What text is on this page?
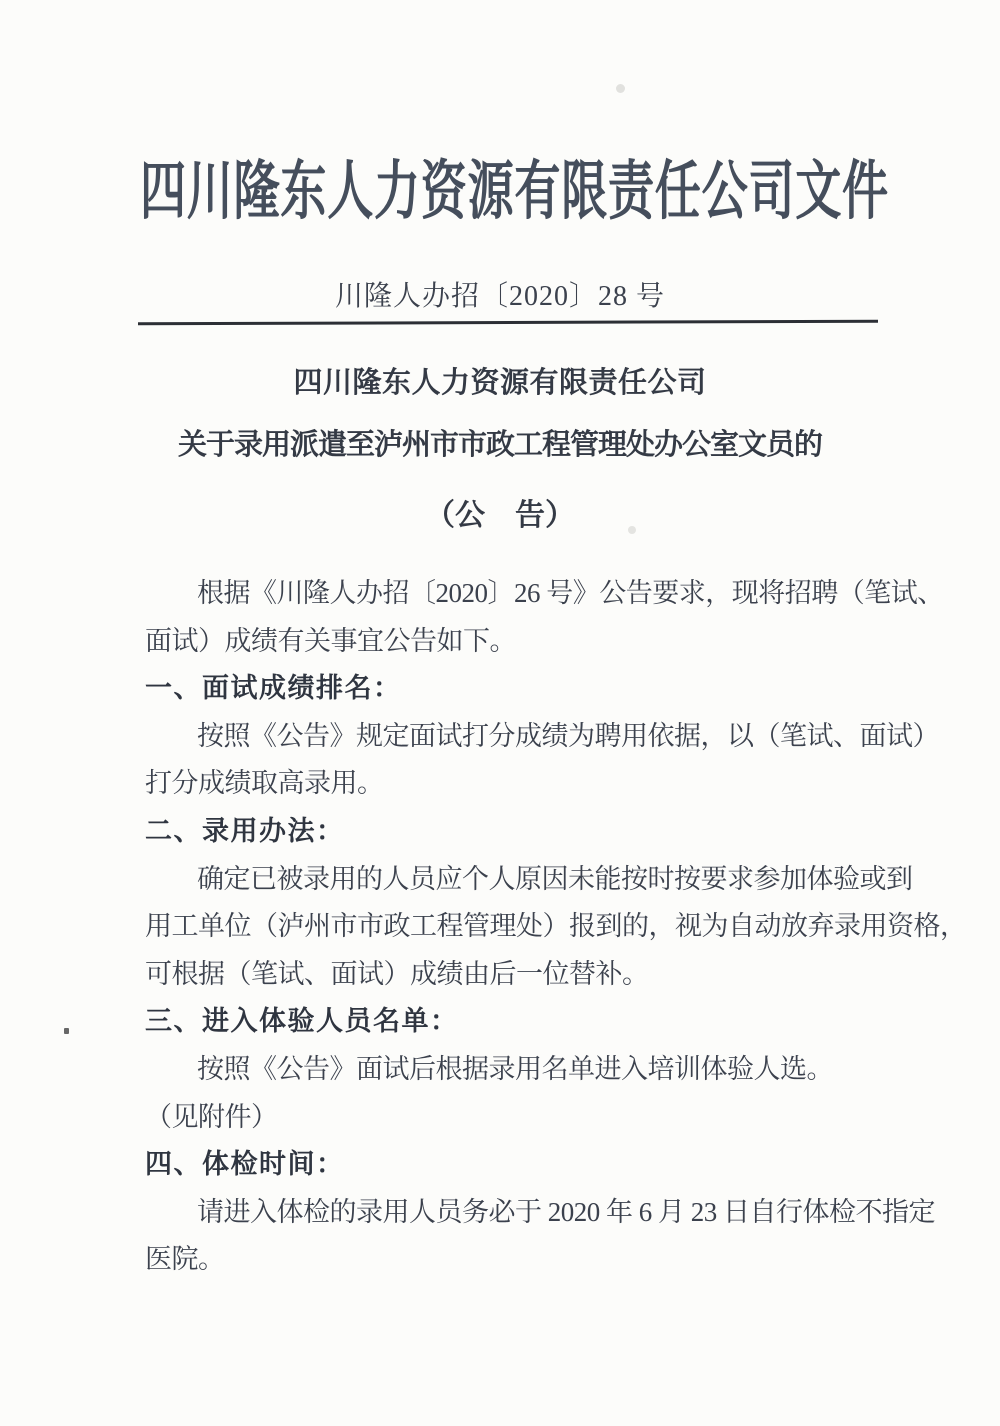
四川隆东人力资源有限责任公司文件
川隆人办招〔2020〕28 号
四川隆东人力资源有限责任公司
关于录用派遣至泸州市市政工程管理处办公室文员的
（公　告）
根据《川隆人办招〔2020〕26 号》公告要求，现将招聘（笔试、
面试）成绩有关事宜公告如下。
一、面试成绩排名：
按照《公告》规定面试打分成绩为聘用依据，以（笔试、面试）
打分成绩取高录用。
二、录用办法：
确定已被录用的人员应个人原因未能按时按要求参加体验或到
用工单位（泸州市市政工程管理处）报到的，视为自动放弃录用资格，
可根据（笔试、面试）成绩由后一位替补。
三、进入体验人员名单：
按照《公告》面试后根据录用名单进入培训体验人选。
（见附件）
四、体检时间：
请进入体检的录用人员务必于 2020 年 6 月 23 日自行体检不指定
医院。
